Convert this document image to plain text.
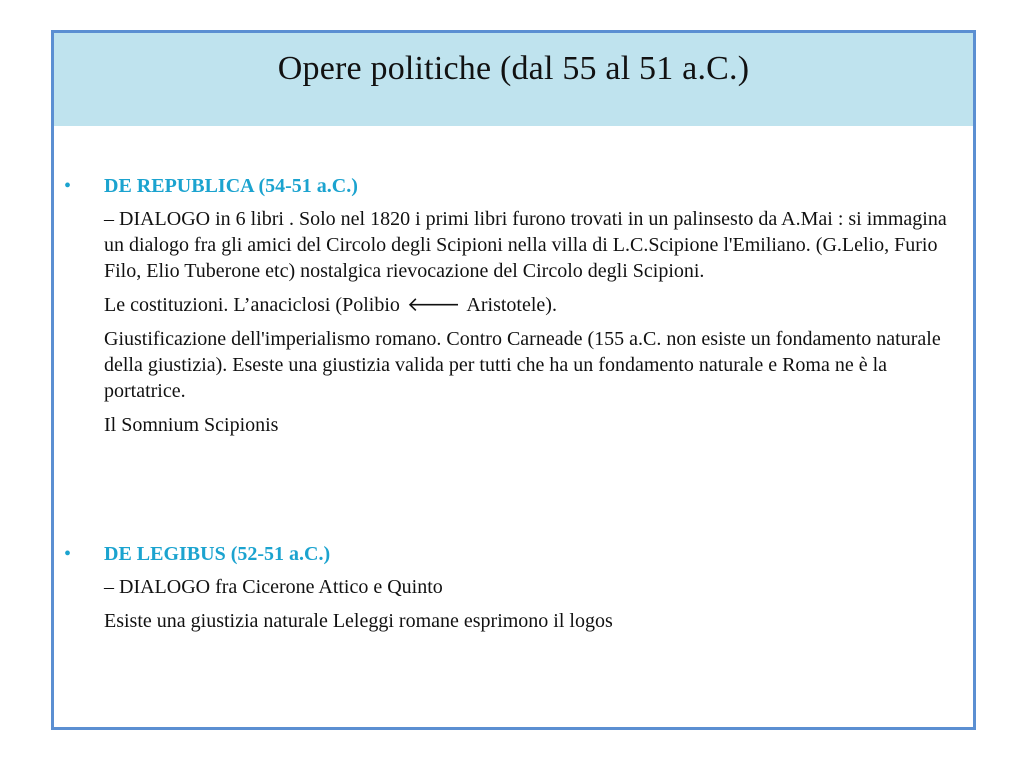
Opere politiche (dal 55 al 51 a.C.)
• DE REPUBLICA (54-51 a.C.)

– DIALOGO in 6 libri . Solo nel 1820 i primi libri furono trovati in un palinsesto da A.Mai : si immagina un dialogo fra gli amici del Circolo degli Scipioni nella villa di L.C.Scipione l'Emiliano. (G.Lelio, Furio Filo, Elio Tuberone etc) nostalgica rievocazione del Circolo degli Scipioni.

Le costituzioni. L’anaciclosi (Polibio 🡐 Aristotele).

Giustificazione dell'imperialismo romano. Contro Carneade (155 a.C. non esiste un fondamento naturale della giustizia). Eseste una giustizia valida per tutti che ha un fondamento naturale e Roma ne è la portatrice.

Il Somnium Scipionis

• DE LEGIBUS (52-51 a.C.)

– DIALOGO fra Cicerone Attico e Quinto

Esiste una giustizia naturale Leleggi romane esprimono il logos
